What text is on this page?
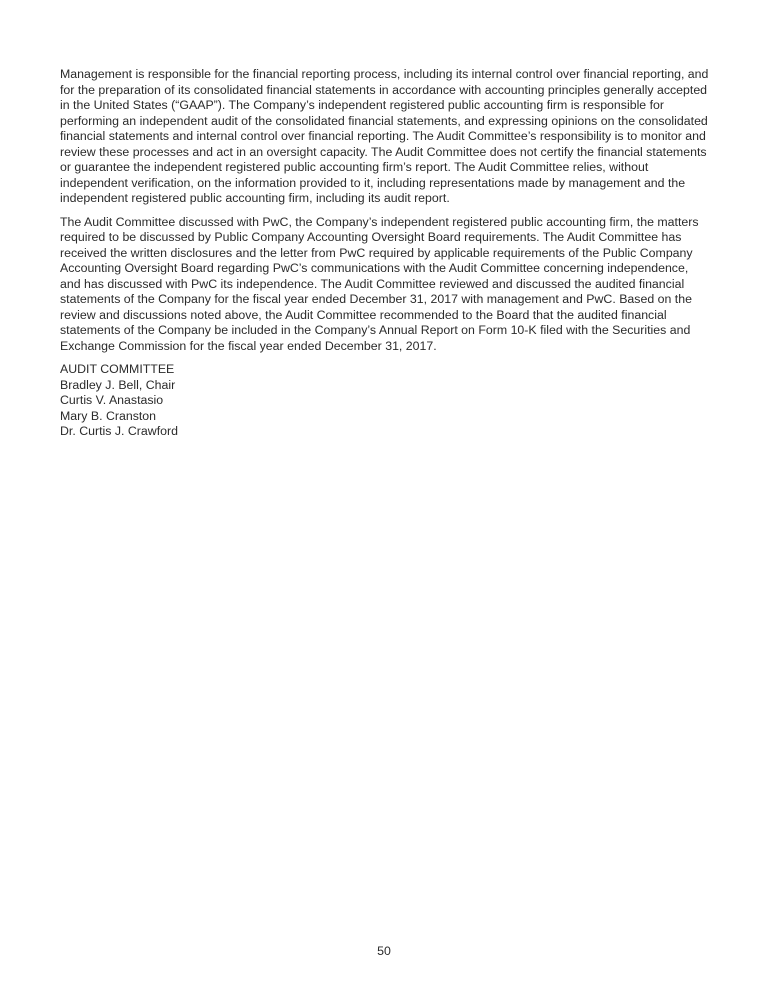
Management is responsible for the financial reporting process, including its internal control over financial reporting, and for the preparation of its consolidated financial statements in accordance with accounting principles generally accepted in the United States (“GAAP”). The Company’s independent registered public accounting firm is responsible for performing an independent audit of the consolidated financial statements, and expressing opinions on the consolidated financial statements and internal control over financial reporting. The Audit Committee’s responsibility is to monitor and review these processes and act in an oversight capacity. The Audit Committee does not certify the financial statements or guarantee the independent registered public accounting firm’s report. The Audit Committee relies, without independent verification, on the information provided to it, including representations made by management and the independent registered public accounting firm, including its audit report.

The Audit Committee discussed with PwC, the Company’s independent registered public accounting firm, the matters required to be discussed by Public Company Accounting Oversight Board requirements. The Audit Committee has received the written disclosures and the letter from PwC required by applicable requirements of the Public Company Accounting Oversight Board regarding PwC’s communications with the Audit Committee concerning independence, and has discussed with PwC its independence. The Audit Committee reviewed and discussed the audited financial statements of the Company for the fiscal year ended December 31, 2017 with management and PwC. Based on the review and discussions noted above, the Audit Committee recommended to the Board that the audited financial statements of the Company be included in the Company’s Annual Report on Form 10-K filed with the Securities and Exchange Commission for the fiscal year ended December 31, 2017.

AUDIT COMMITTEE
Bradley J. Bell, Chair
Curtis V. Anastasio
Mary B. Cranston
Dr. Curtis J. Crawford
50
